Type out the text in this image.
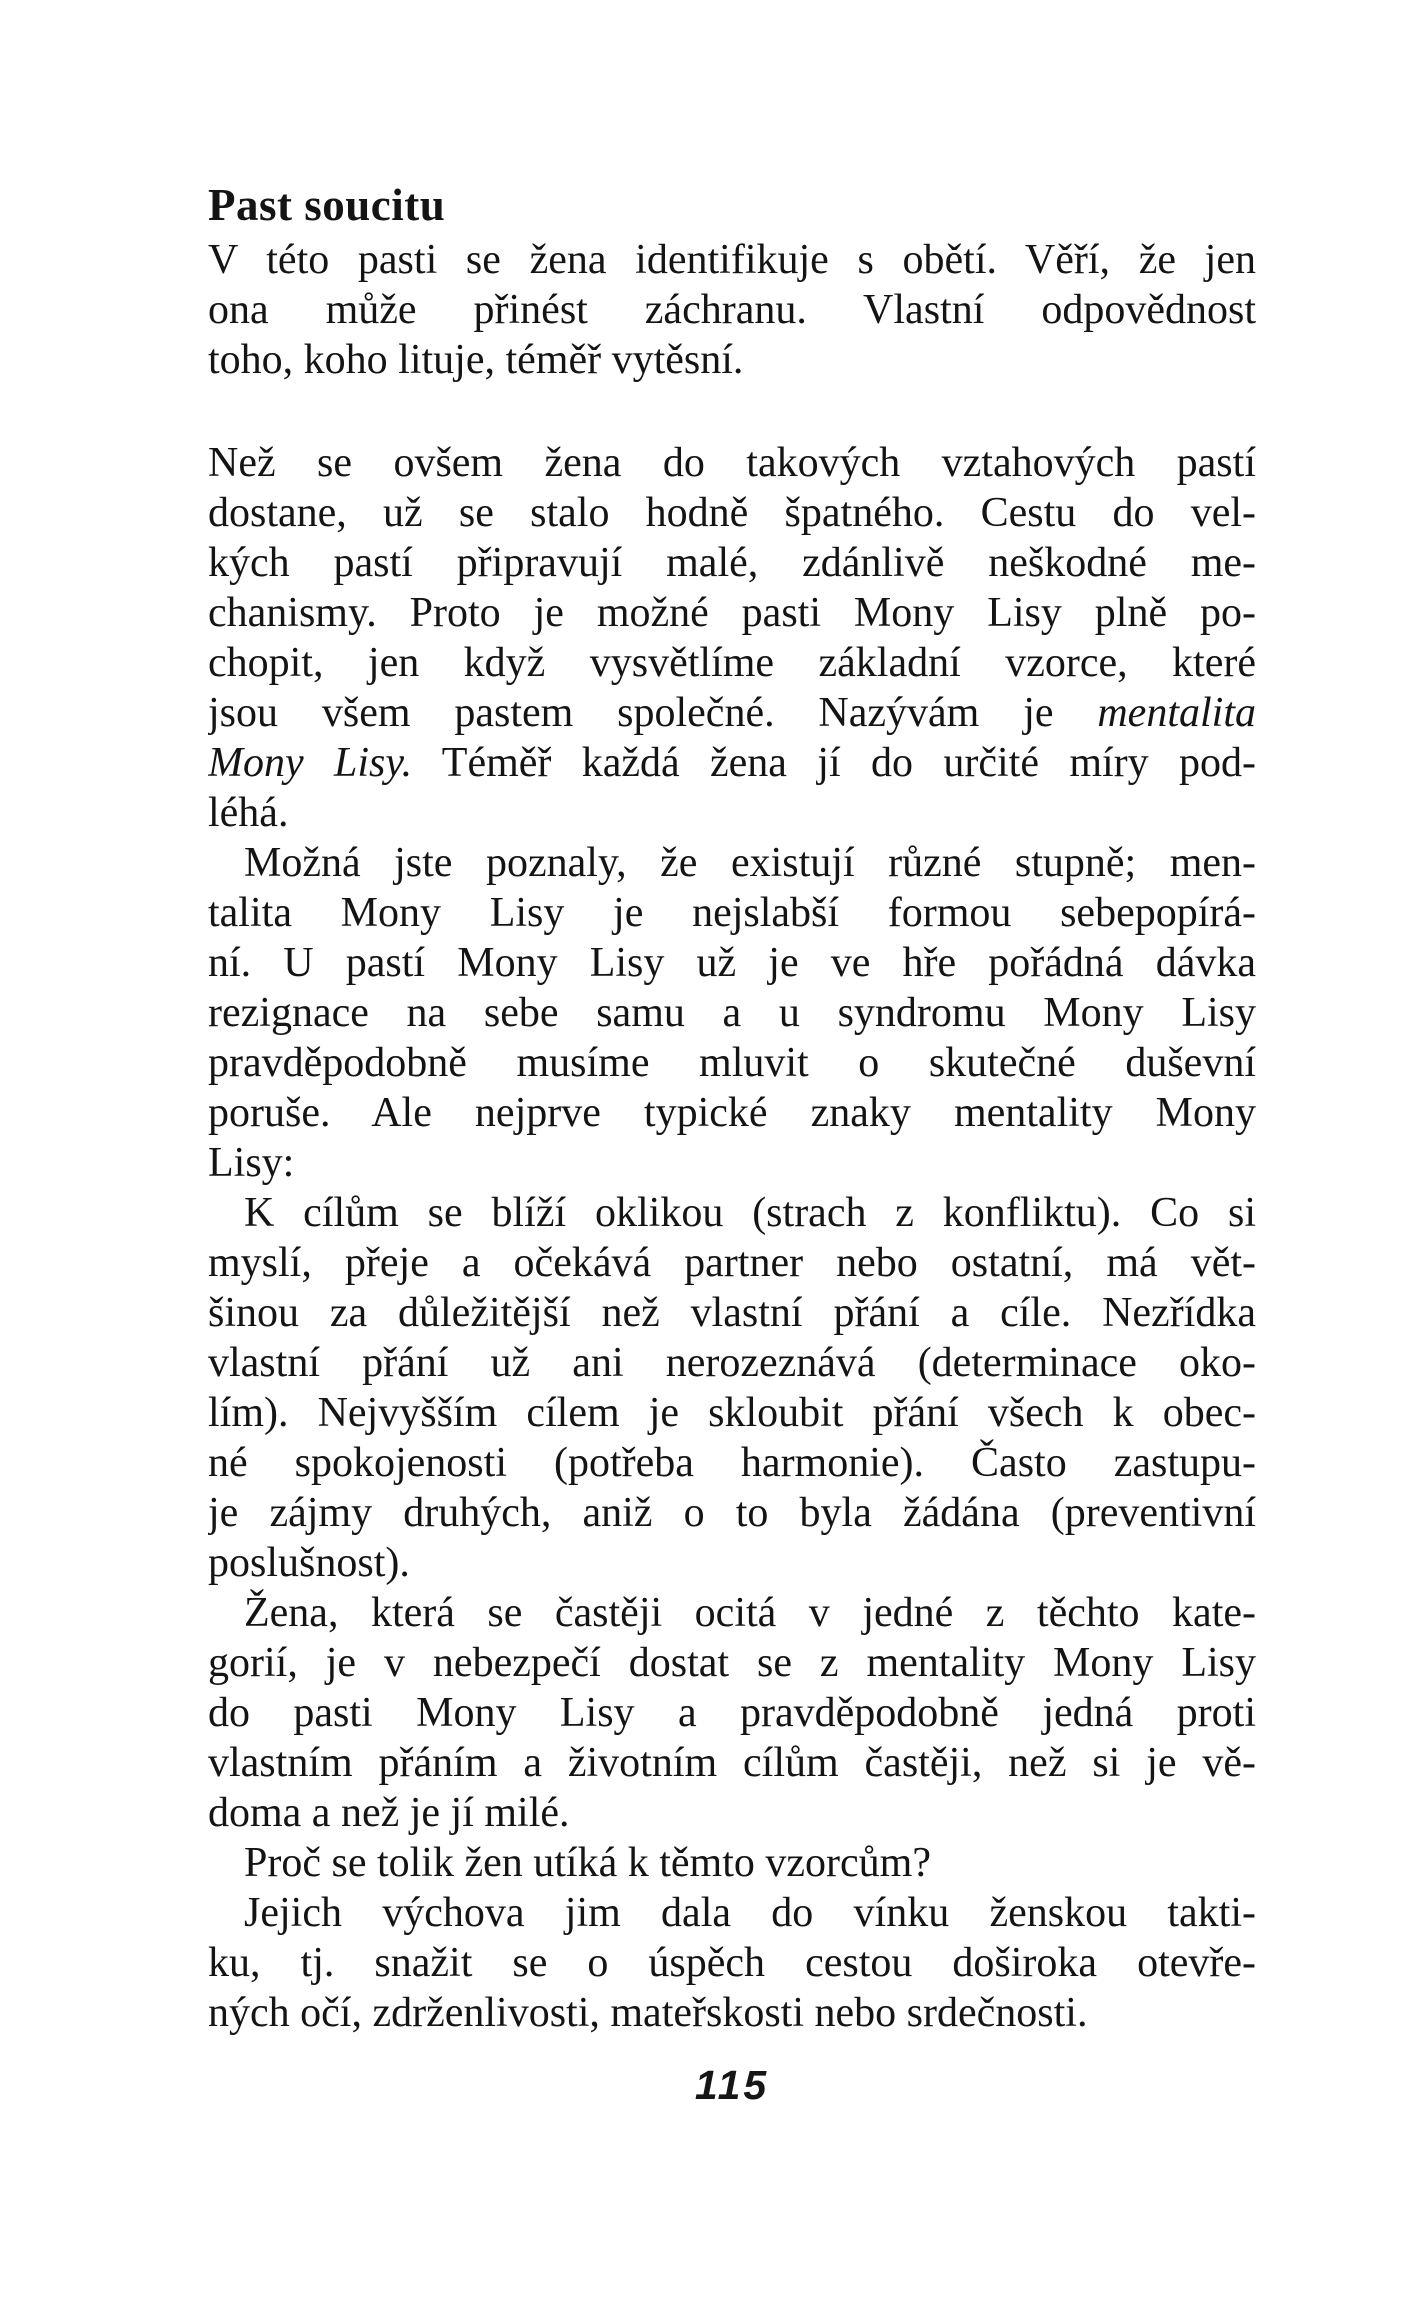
Past soucitu
V této pasti se žena identifikuje s obětí. Věří, že jen
ona může přinést záchranu. Vlastní odpovědnost
toho, koho lituje, téměř vytěsní.
Než se ovšem žena do takových vztahových pastí
dostane, už se stalo hodně špatného. Cestu do vel-
kých pastí připravují malé, zdánlivě neškodné me-
chanismy. Proto je možné pasti Mony Lisy plně po-
chopit, jen když vysvětlíme základní vzorce, které
jsou všem pastem společné. Nazývám je mentalita
Mony Lisy. Téměř každá žena jí do určité míry pod-
léhá.
Možná jste poznaly, že existují různé stupně; men-
talita Mony Lisy je nejslabší formou sebepopírá-
ní. U pastí Mony Lisy už je ve hře pořádná dávka
rezignace na sebe samu a u syndromu Mony Lisy
pravděpodobně musíme mluvit o skutečné duševní
poruše. Ale nejprve typické znaky mentality Mony
Lisy:
K cílům se blíží oklikou (strach z konfliktu). Co si
myslí, přeje a očekává partner nebo ostatní, má vět-
šinou za důležitější než vlastní přání a cíle. Nezřídka
vlastní přání už ani nerozeznává (determinace oko-
lím). Nejvyšším cílem je skloubit přání všech k obec-
né spokojenosti (potřeba harmonie). Často zastupu-
je zájmy druhých, aniž o to byla žádána (preventivní
poslušnost).
Žena, která se častěji ocitá v jedné z těchto kate-
gorií, je v nebezpečí dostat se z mentality Mony Lisy
do pasti Mony Lisy a pravděpodobně jedná proti
vlastním přáním a životním cílům častěji, než si je vě-
doma a než je jí milé.
Proč se tolik žen utíká k těmto vzorcům?
Jejich výchova jim dala do vínku ženskou takti-
ku, tj. snažit se o úspěch cestou doširoka otevře-
ných očí, zdrženlivosti, mateřskosti nebo srdečnosti.
115
